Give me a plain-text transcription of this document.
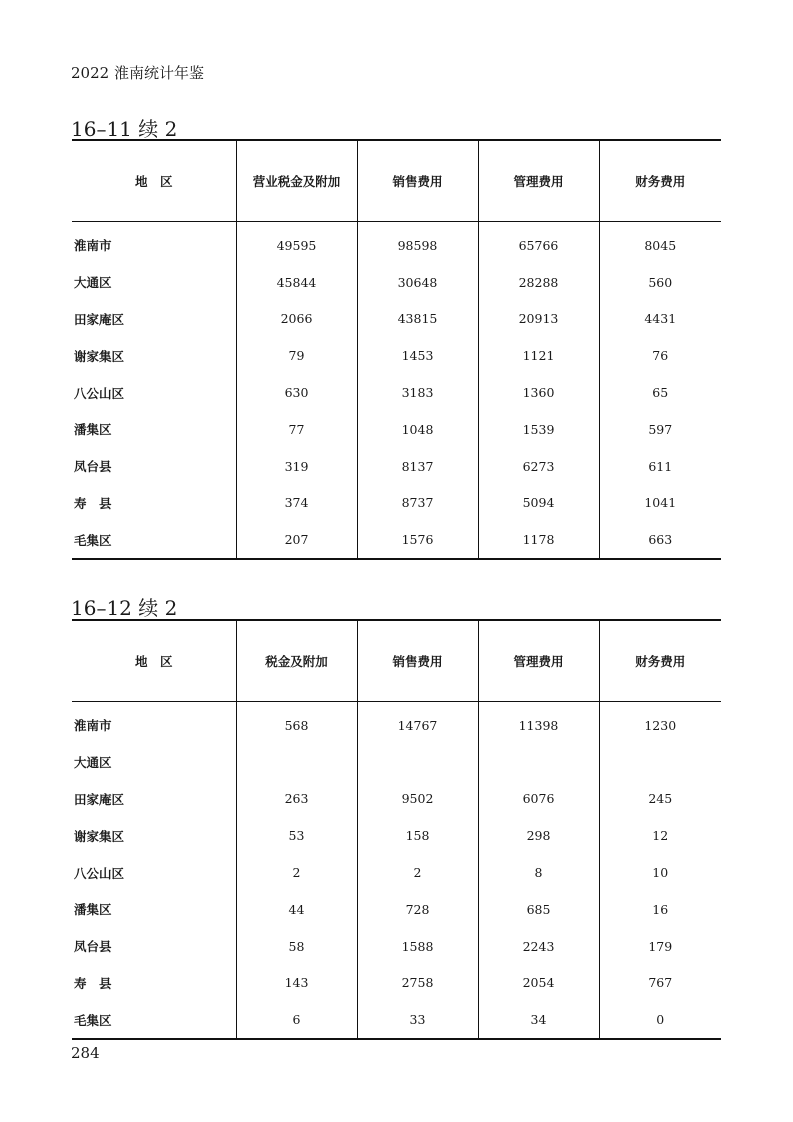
2022 淮南统计年鉴
16–11 续 2
地　区	营业税金及附加	销售费用	管理费用	财务费用
淮南市	49595	98598	65766	8045
大通区	45844	30648	28288	560
田家庵区	2066	43815	20913	4431
谢家集区	79	1453	1121	76
八公山区	630	3183	1360	65
潘集区	77	1048	1539	597
凤台县	319	8137	6273	611
寿　县	374	8737	5094	1041
毛集区	207	1576	1178	663
16–12 续 2
地　区	税金及附加	销售费用	管理费用	财务费用
淮南市	568	14767	11398	1230
大通区				
田家庵区	263	9502	6076	245
谢家集区	53	158	298	12
八公山区	2	2	8	10
潘集区	44	728	685	16
凤台县	58	1588	2243	179
寿　县	143	2758	2054	767
毛集区	6	33	34	0
284
